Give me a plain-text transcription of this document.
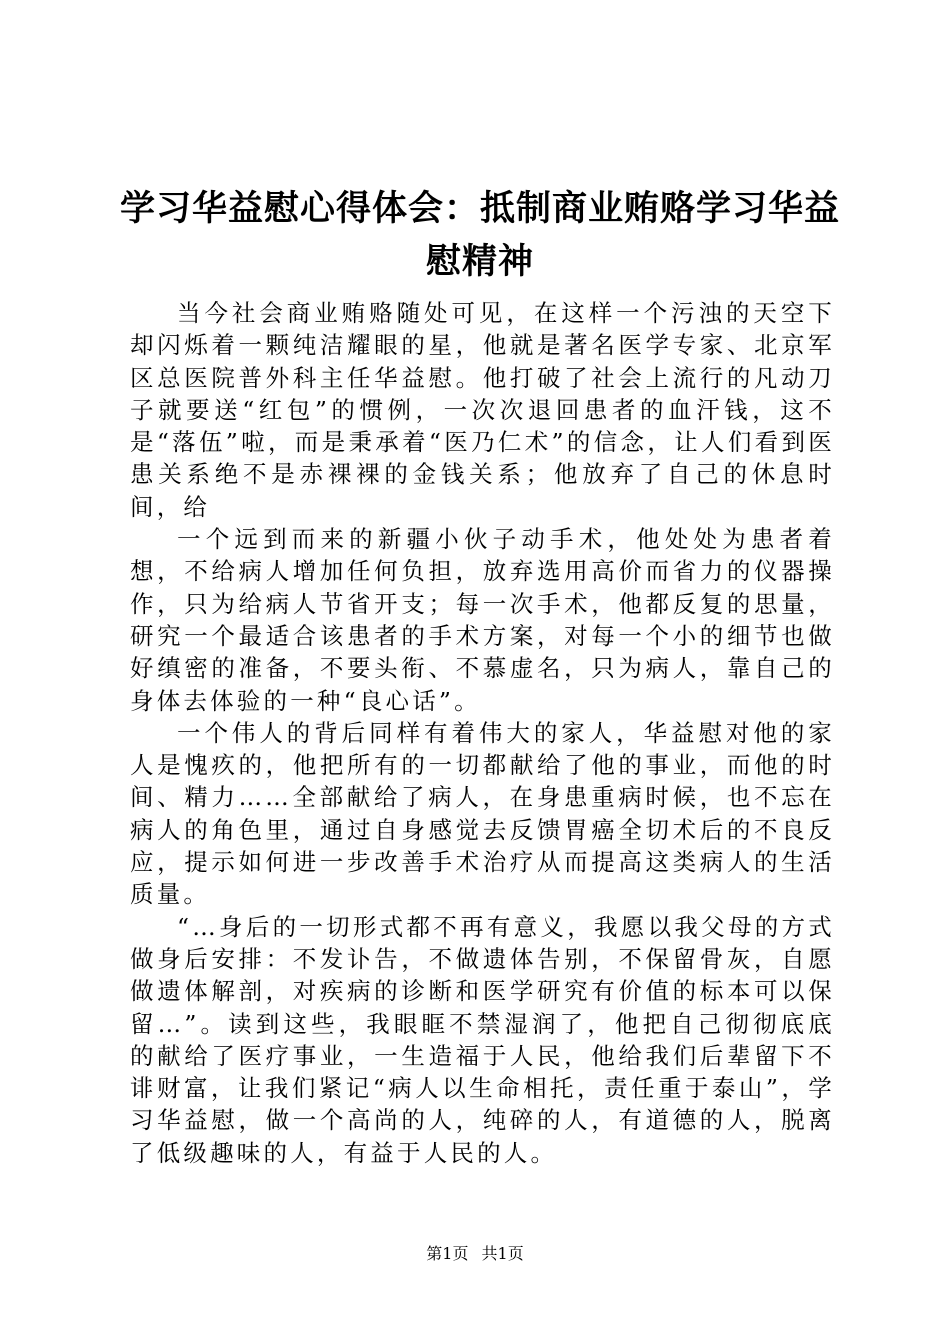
学习华益慰心得体会：抵制商业贿赂学习华益慰精神

当今社会商业贿赂随处可见，在这样一个污浊的天空下却闪烁着一颗纯洁耀眼的星，他就是著名医学专家、北京军区总医院普外科主任华益慰。他打破了社会上流行的凡动刀子就要送“红包”的惯例，一次次退回患者的血汗钱，这不是“落伍”啦，而是秉承着“医乃仁术”的信念，让人们看到医患关系绝不是赤裸裸的金钱关系；他放弃了自己的休息时间，给

一个远到而来的新疆小伙子动手术，他处处为患者着想，不给病人增加任何负担，放弃选用高价而省力的仪器操作，只为给病人节省开支；每一次手术，他都反复的思量，研究一个最适合该患者的手术方案，对每一个小的细节也做好缜密的准备，不要头衔、不慕虚名，只为病人，靠自己的身体去体验的一种“良心话”。

一个伟人的背后同样有着伟大的家人，华益慰对他的家人是愧疚的，他把所有的一切都献给了他的事业，而他的时间、精力……全部献给了病人，在身患重病时候，也不忘在病人的角色里，通过自身感觉去反馈胃癌全切术后的不良反应，提示如何进一步改善手术治疗从而提高这类病人的生活质量。

“…身后的一切形式都不再有意义，我愿以我父母的方式做身后安排：不发讣告，不做遗体告别，不保留骨灰，自愿做遗体解剖，对疾病的诊断和医学研究有价值的标本可以保留…”。读到这些，我眼眶不禁湿润了，他把自己彻彻底底的献给了医疗事业，一生造福于人民，他给我们后辈留下不诽财富，让我们紧记“病人以生命相托，责任重于泰山”，学习华益慰，做一个高尚的人，纯碎的人，有道德的人，脱离了低级趣味的人，有益于人民的人。

第1页 共1页
